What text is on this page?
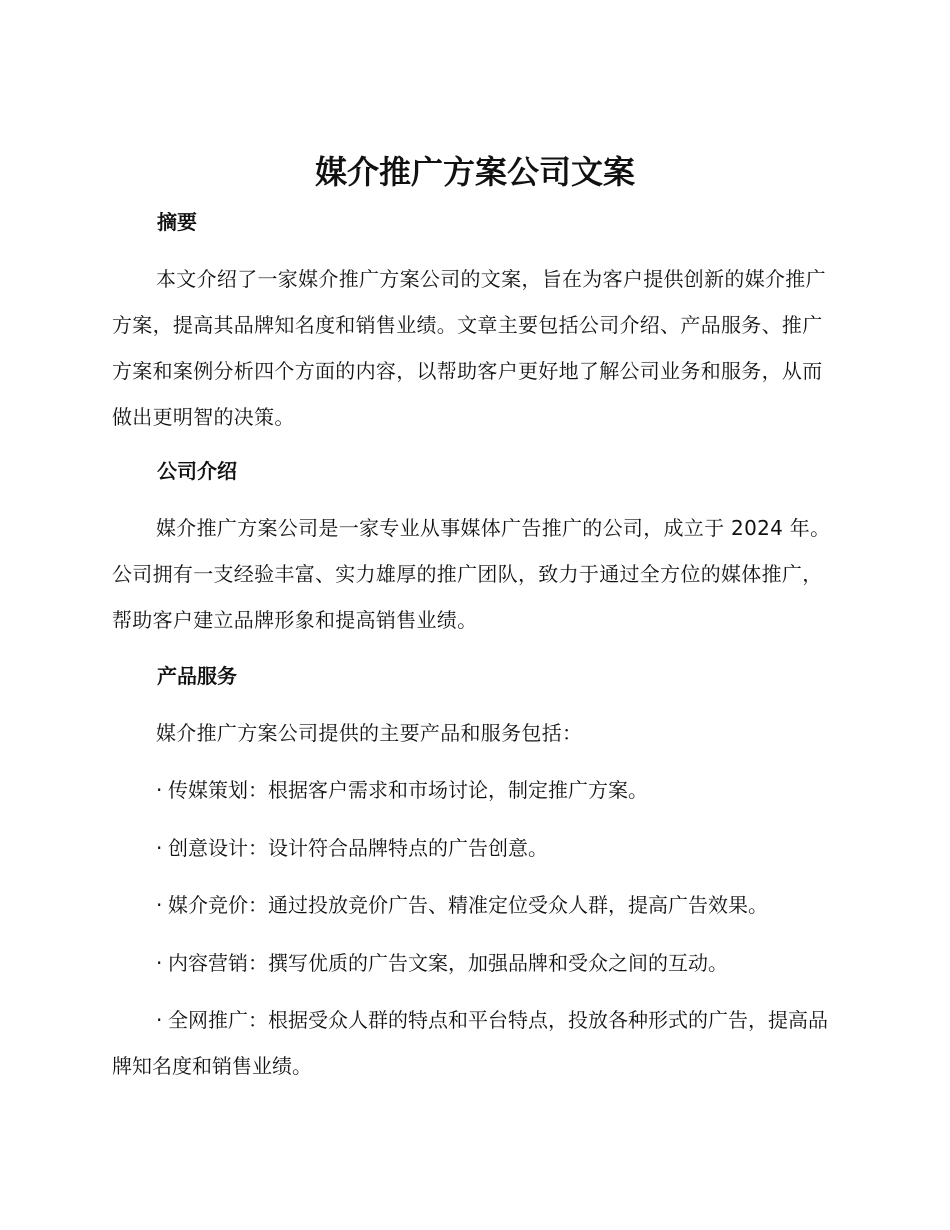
媒介推广方案公司文案
摘要

本文介绍了一家媒介推广方案公司的文案，旨在为客户提供创新的媒介推广方案，提高其品牌知名度和销售业绩。文章主要包括公司介绍、产品服务、推广方案和案例分析四个方面的内容，以帮助客户更好地了解公司业务和服务，从而做出更明智的决策。

公司介绍

媒介推广方案公司是一家专业从事媒体广告推广的公司，成立于 2024 年。公司拥有一支经验丰富、实力雄厚的推广团队，致力于通过全方位的媒体推广，帮助客户建立品牌形象和提高销售业绩。

产品服务

媒介推广方案公司提供的主要产品和服务包括：

· 传媒策划：根据客户需求和市场讨论，制定推广方案。

· 创意设计：设计符合品牌特点的广告创意。

· 媒介竞价：通过投放竞价广告、精准定位受众人群，提高广告效果。

· 内容营销：撰写优质的广告文案，加强品牌和受众之间的互动。

· 全网推广：根据受众人群的特点和平台特点，投放各种形式的广告，提高品牌知名度和销售业绩。
